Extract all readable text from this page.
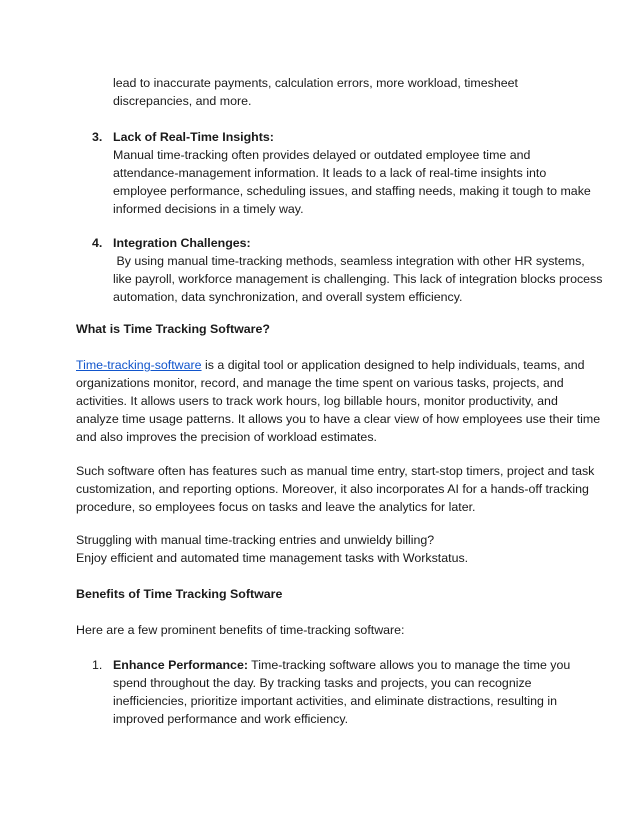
lead to inaccurate payments, calculation errors, more workload, timesheet
discrepancies, and more.
3. Lack of Real-Time Insights:
Manual time-tracking often provides delayed or outdated employee time and
attendance-management information. It leads to a lack of real-time insights into
employee performance, scheduling issues, and staffing needs, making it tough to make
informed decisions in a timely way.
4. Integration Challenges:
By using manual time-tracking methods, seamless integration with other HR systems,
like payroll, workforce management is challenging. This lack of integration blocks process
automation, data synchronization, and overall system efficiency.
What is Time Tracking Software?
Time-tracking-software is a digital tool or application designed to help individuals, teams, and
organizations monitor, record, and manage the time spent on various tasks, projects, and
activities. It allows users to track work hours, log billable hours, monitor productivity, and
analyze time usage patterns. It allows you to have a clear view of how employees use their time
and also improves the precision of workload estimates.
Such software often has features such as manual time entry, start-stop timers, project and task
customization, and reporting options. Moreover, it also incorporates AI for a hands-off tracking
procedure, so employees focus on tasks and leave the analytics for later.
Struggling with manual time-tracking entries and unwieldy billing?
Enjoy efficient and automated time management tasks with Workstatus.
Benefits of Time Tracking Software
Here are a few prominent benefits of time-tracking software:
1. Enhance Performance: Time-tracking software allows you to manage the time you
spend throughout the day. By tracking tasks and projects, you can recognize
inefficiencies, prioritize important activities, and eliminate distractions, resulting in
improved performance and work efficiency.
